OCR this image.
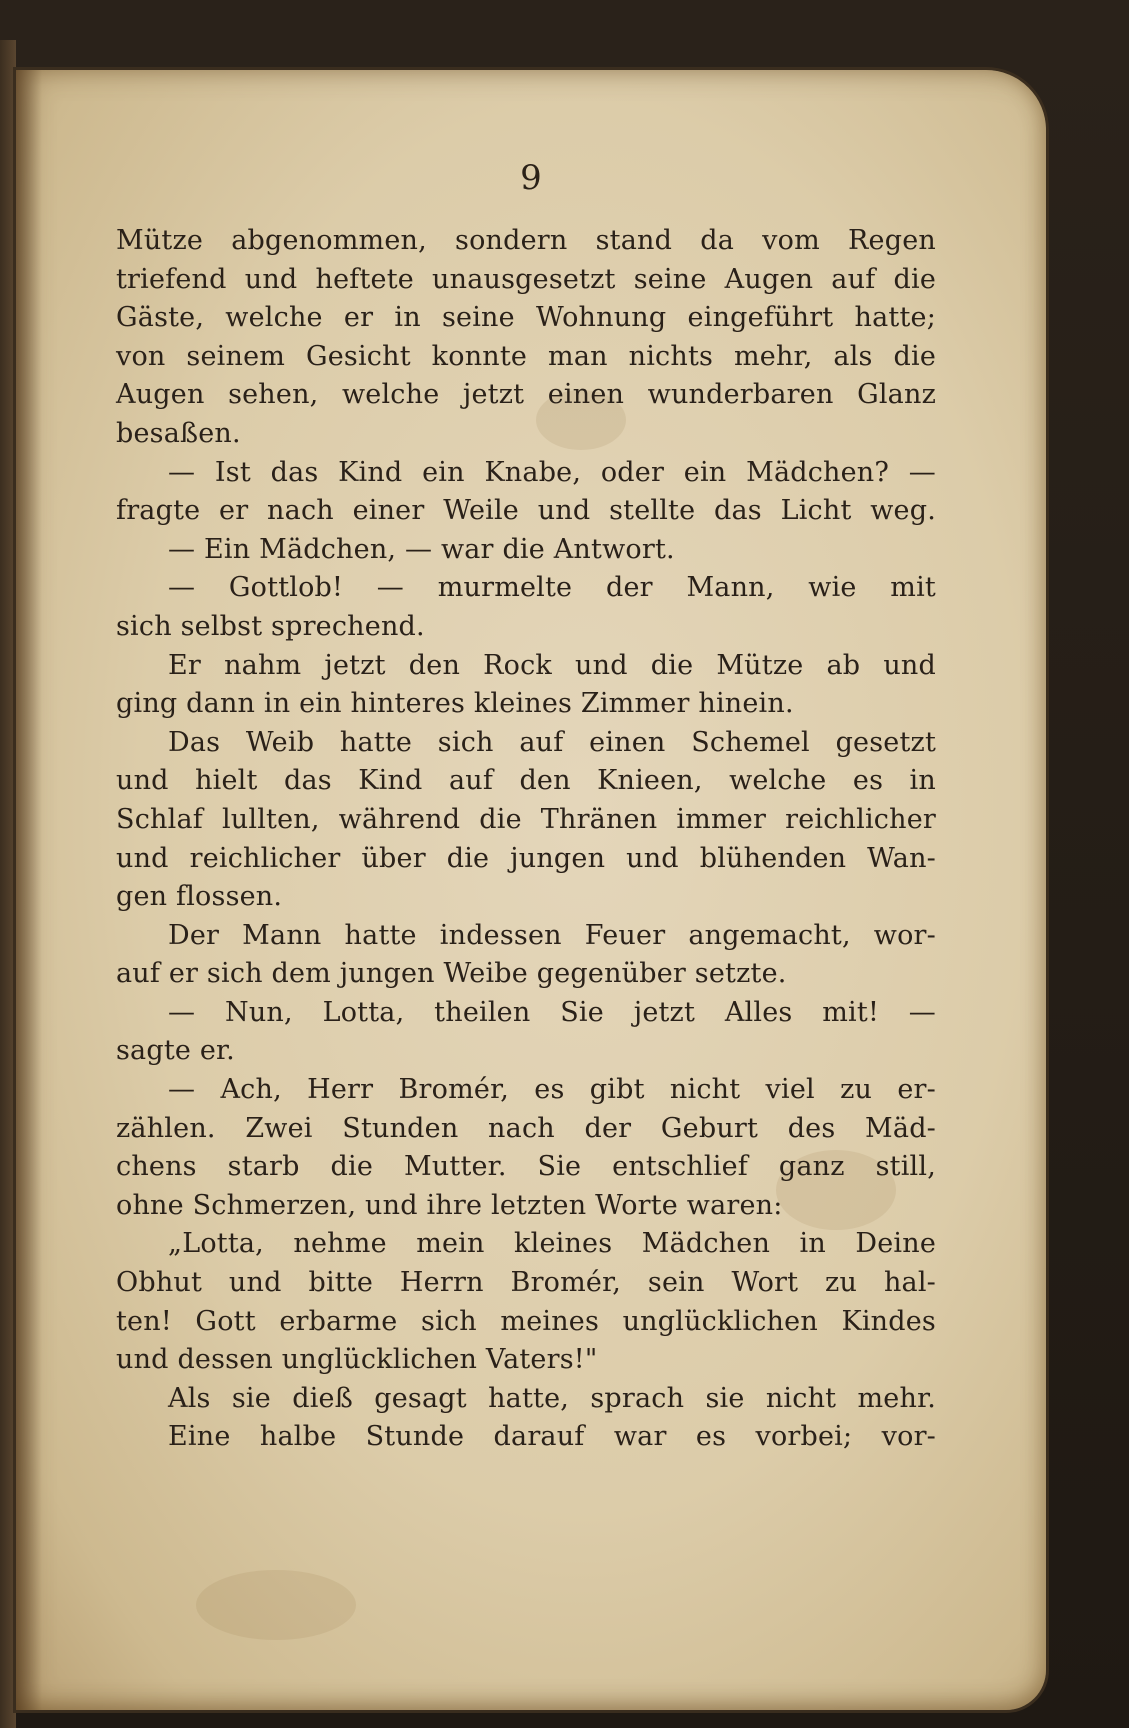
9
Mütze abgenommen, sondern stand da vom Regen
triefend und heftete unausgesetzt seine Augen auf die
Gäste, welche er in seine Wohnung eingeführt hatte;
von seinem Gesicht konnte man nichts mehr, als die
Augen sehen, welche jetzt einen wunderbaren Glanz
besaßen.
— Ist das Kind ein Knabe, oder ein Mädchen? —
fragte er nach einer Weile und stellte das Licht weg.
— Ein Mädchen, — war die Antwort.
— Gottlob! — murmelte der Mann, wie mit
sich selbst sprechend.
Er nahm jetzt den Rock und die Mütze ab und
ging dann in ein hinteres kleines Zimmer hinein.
Das Weib hatte sich auf einen Schemel gesetzt
und hielt das Kind auf den Knieen, welche es in
Schlaf lullten, während die Thränen immer reichlicher
und reichlicher über die jungen und blühenden Wan-
gen flossen.
Der Mann hatte indessen Feuer angemacht, wor-
auf er sich dem jungen Weibe gegenüber setzte.
— Nun, Lotta, theilen Sie jetzt Alles mit! —
sagte er.
— Ach, Herr Bromér, es gibt nicht viel zu er-
zählen. Zwei Stunden nach der Geburt des Mäd-
chens starb die Mutter. Sie entschlief ganz still,
ohne Schmerzen, und ihre letzten Worte waren:
„Lotta, nehme mein kleines Mädchen in Deine
Obhut und bitte Herrn Bromér, sein Wort zu hal-
ten! Gott erbarme sich meines unglücklichen Kindes
und dessen unglücklichen Vaters!"
Als sie dieß gesagt hatte, sprach sie nicht mehr.
Eine halbe Stunde darauf war es vorbei; vor-
